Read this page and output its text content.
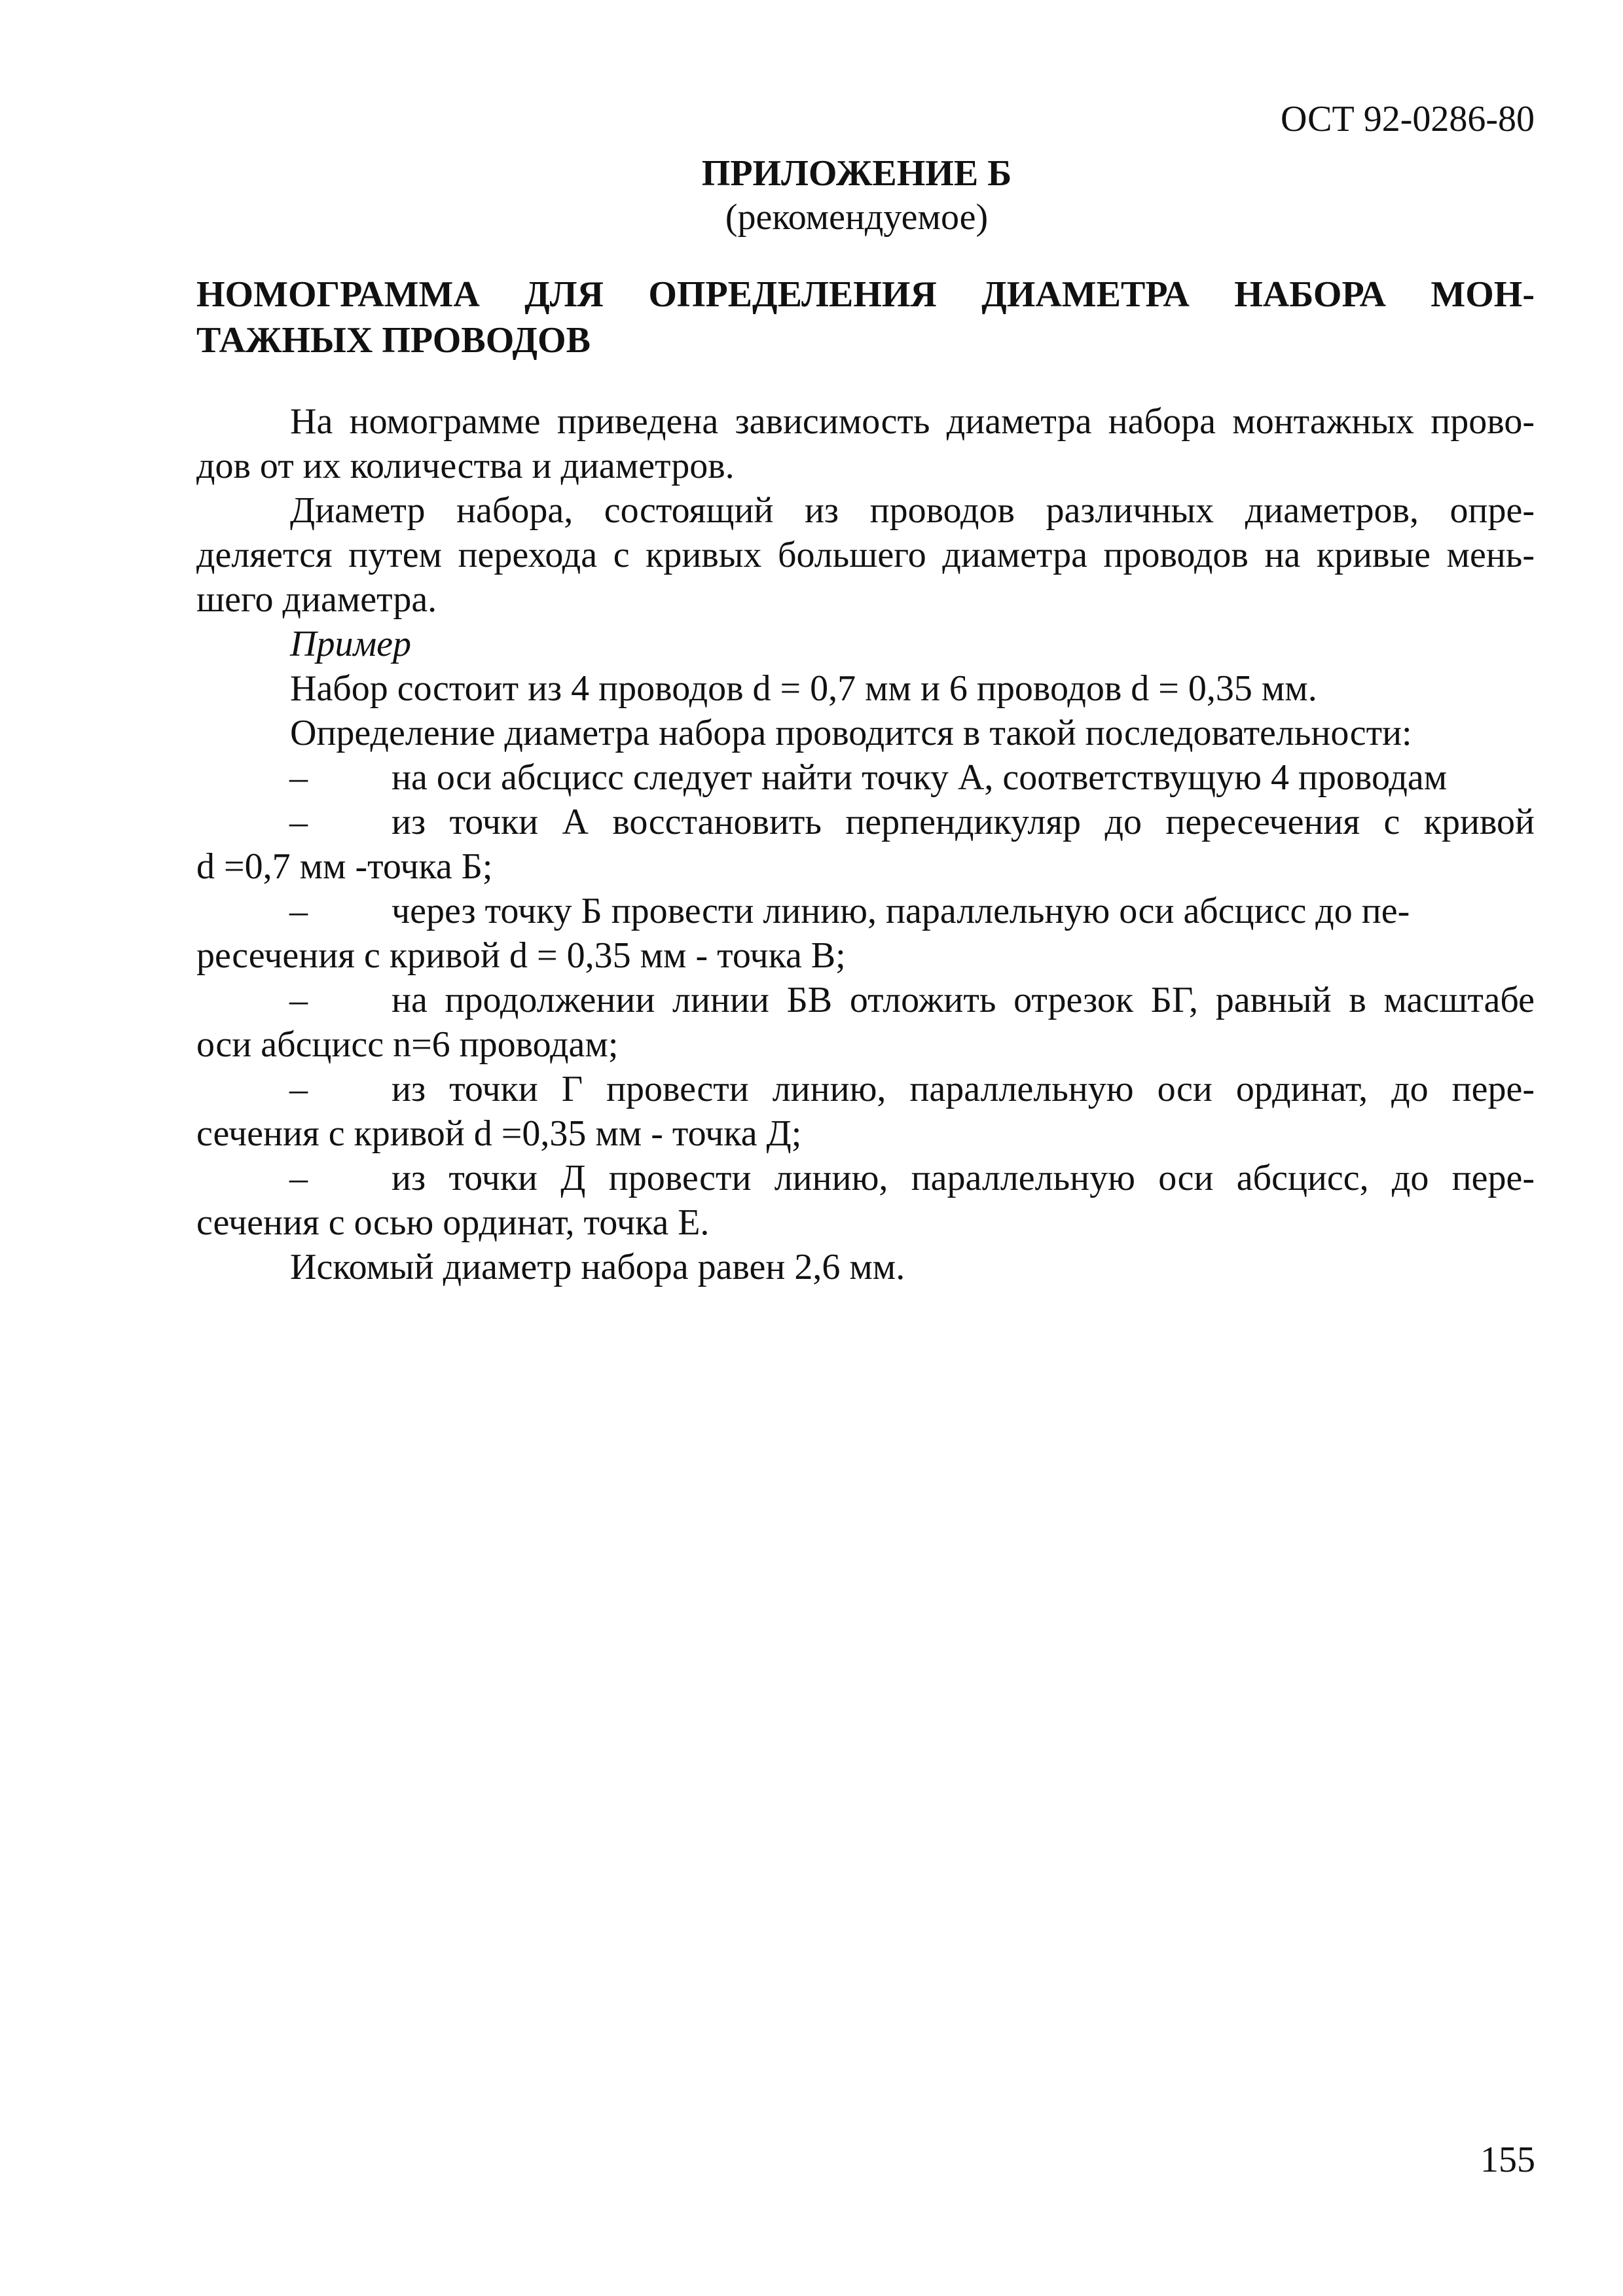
ОСТ 92-0286-80
ПРИЛОЖЕНИЕ Б
(рекомендуемое)
НОМОГРАММА ДЛЯ ОПРЕДЕЛЕНИЯ ДИАМЕТРА НАБОРА МОН-
ТАЖНЫХ ПРОВОДОВ
На номограмме приведена зависимость диаметра набора монтажных прово-
дов от их количества и диаметров.
Диаметр набора, состоящий из проводов различных диаметров, опре-
деляется путем перехода с кривых большего диаметра проводов на кривые мень-
шего диаметра.
Пример
Набор состоит из 4 проводов d = 0,7 мм и 6 проводов d = 0,35 мм.
Определение диаметра набора проводится в такой последовательности:
– на оси абсцисс следует найти точку А, соответствущую 4 проводам
– из точки А восстановить перпендикуляр до пересечения с кривой
d =0,7 мм -точка Б;
– через точку Б провести линию, параллельную оси абсцисс до пе-
ресечения с кривой d = 0,35 мм - точка В;
– на продолжении линии БВ отложить отрезок БГ, равный в масштабе
оси абсцисс n=6 проводам;
– из точки Г провести линию, параллельную оси ординат, до пере-
сечения с кривой d =0,35 мм - точка Д;
– из точки Д провести линию, параллельную оси абсцисс, до пере-
сечения с осью ординат, точка Е.
Искомый диаметр набора равен 2,6 мм.
155
